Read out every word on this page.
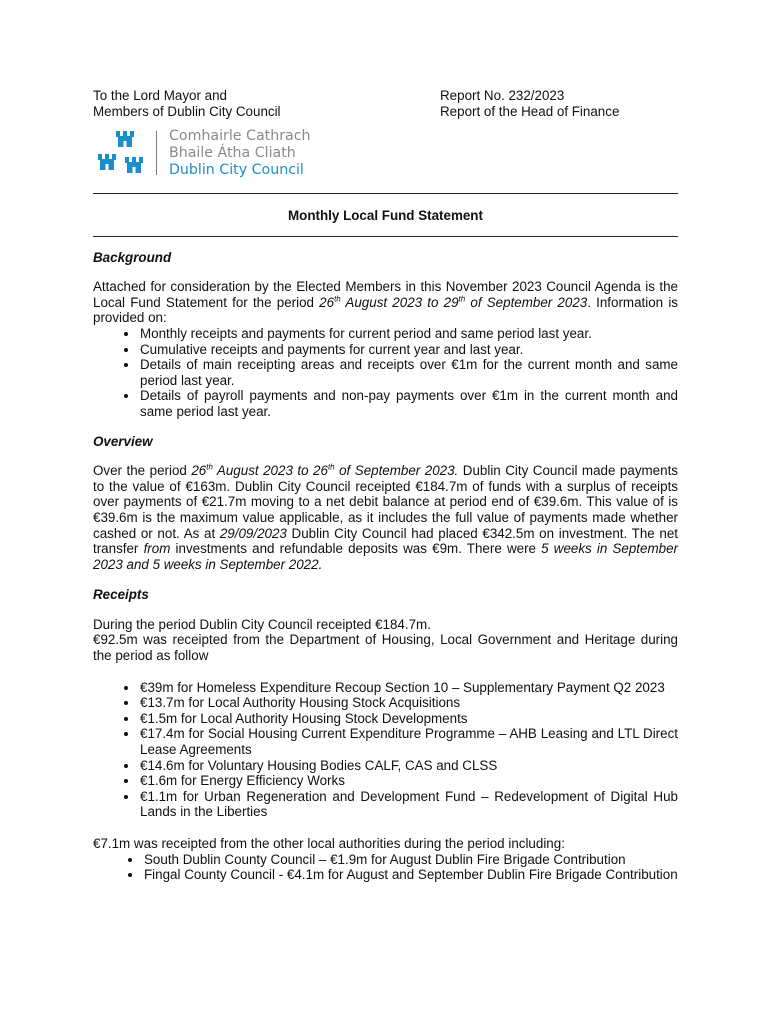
To the Lord Mayor and
Members of Dublin City Council
Report No. 232/2023
Report of the Head of Finance
Comhairle Cathrach
Bhaile Átha Cliath
Dublin City Council
Monthly Local Fund Statement
Background

Attached for consideration by the Elected Members in this November 2023 Council Agenda is the Local Fund Statement for the period 26th August 2023 to 29th of September 2023. Information is provided on:

• Monthly receipts and payments for current period and same period last year.
• Cumulative receipts and payments for current year and last year.
• Details of main receipting areas and receipts over €1m for the current month and same period last year.
• Details of payroll payments and non-pay payments over €1m in the current month and same period last year.
Overview

Over the period 26th August 2023 to 26th of September 2023. Dublin City Council made payments to the value of €163m. Dublin City Council receipted €184.7m of funds with a surplus of receipts over payments of €21.7m moving to a net debit balance at period end of €39.6m. This value of is €39.6m is the maximum value applicable, as it includes the full value of payments made whether cashed or not. As at 29/09/2023 Dublin City Council had placed €342.5m on investment. The net transfer from investments and refundable deposits was €9m. There were 5 weeks in September 2023 and 5 weeks in September 2022.

Receipts

During the period Dublin City Council receipted €184.7m.

€92.5m was receipted from the Department of Housing, Local Government and Heritage during the period as follow

• €39m for Homeless Expenditure Recoup Section 10 – Supplementary Payment Q2 2023
• €13.7m for Local Authority Housing Stock Acquisitions
• €1.5m for Local Authority Housing Stock Developments
• €17.4m for Social Housing Current Expenditure Programme – AHB Leasing and LTL Direct Lease Agreements
• €14.6m for Voluntary Housing Bodies CALF, CAS and CLSS
• €1.6m for Energy Efficiency Works
• €1.1m for Urban Regeneration and Development Fund – Redevelopment of Digital Hub Lands in the Liberties

€7.1m was receipted from the other local authorities during the period including:

• South Dublin County Council – €1.9m for August Dublin Fire Brigade Contribution
• Fingal County Council - €4.1m for August and September Dublin Fire Brigade Contribution
